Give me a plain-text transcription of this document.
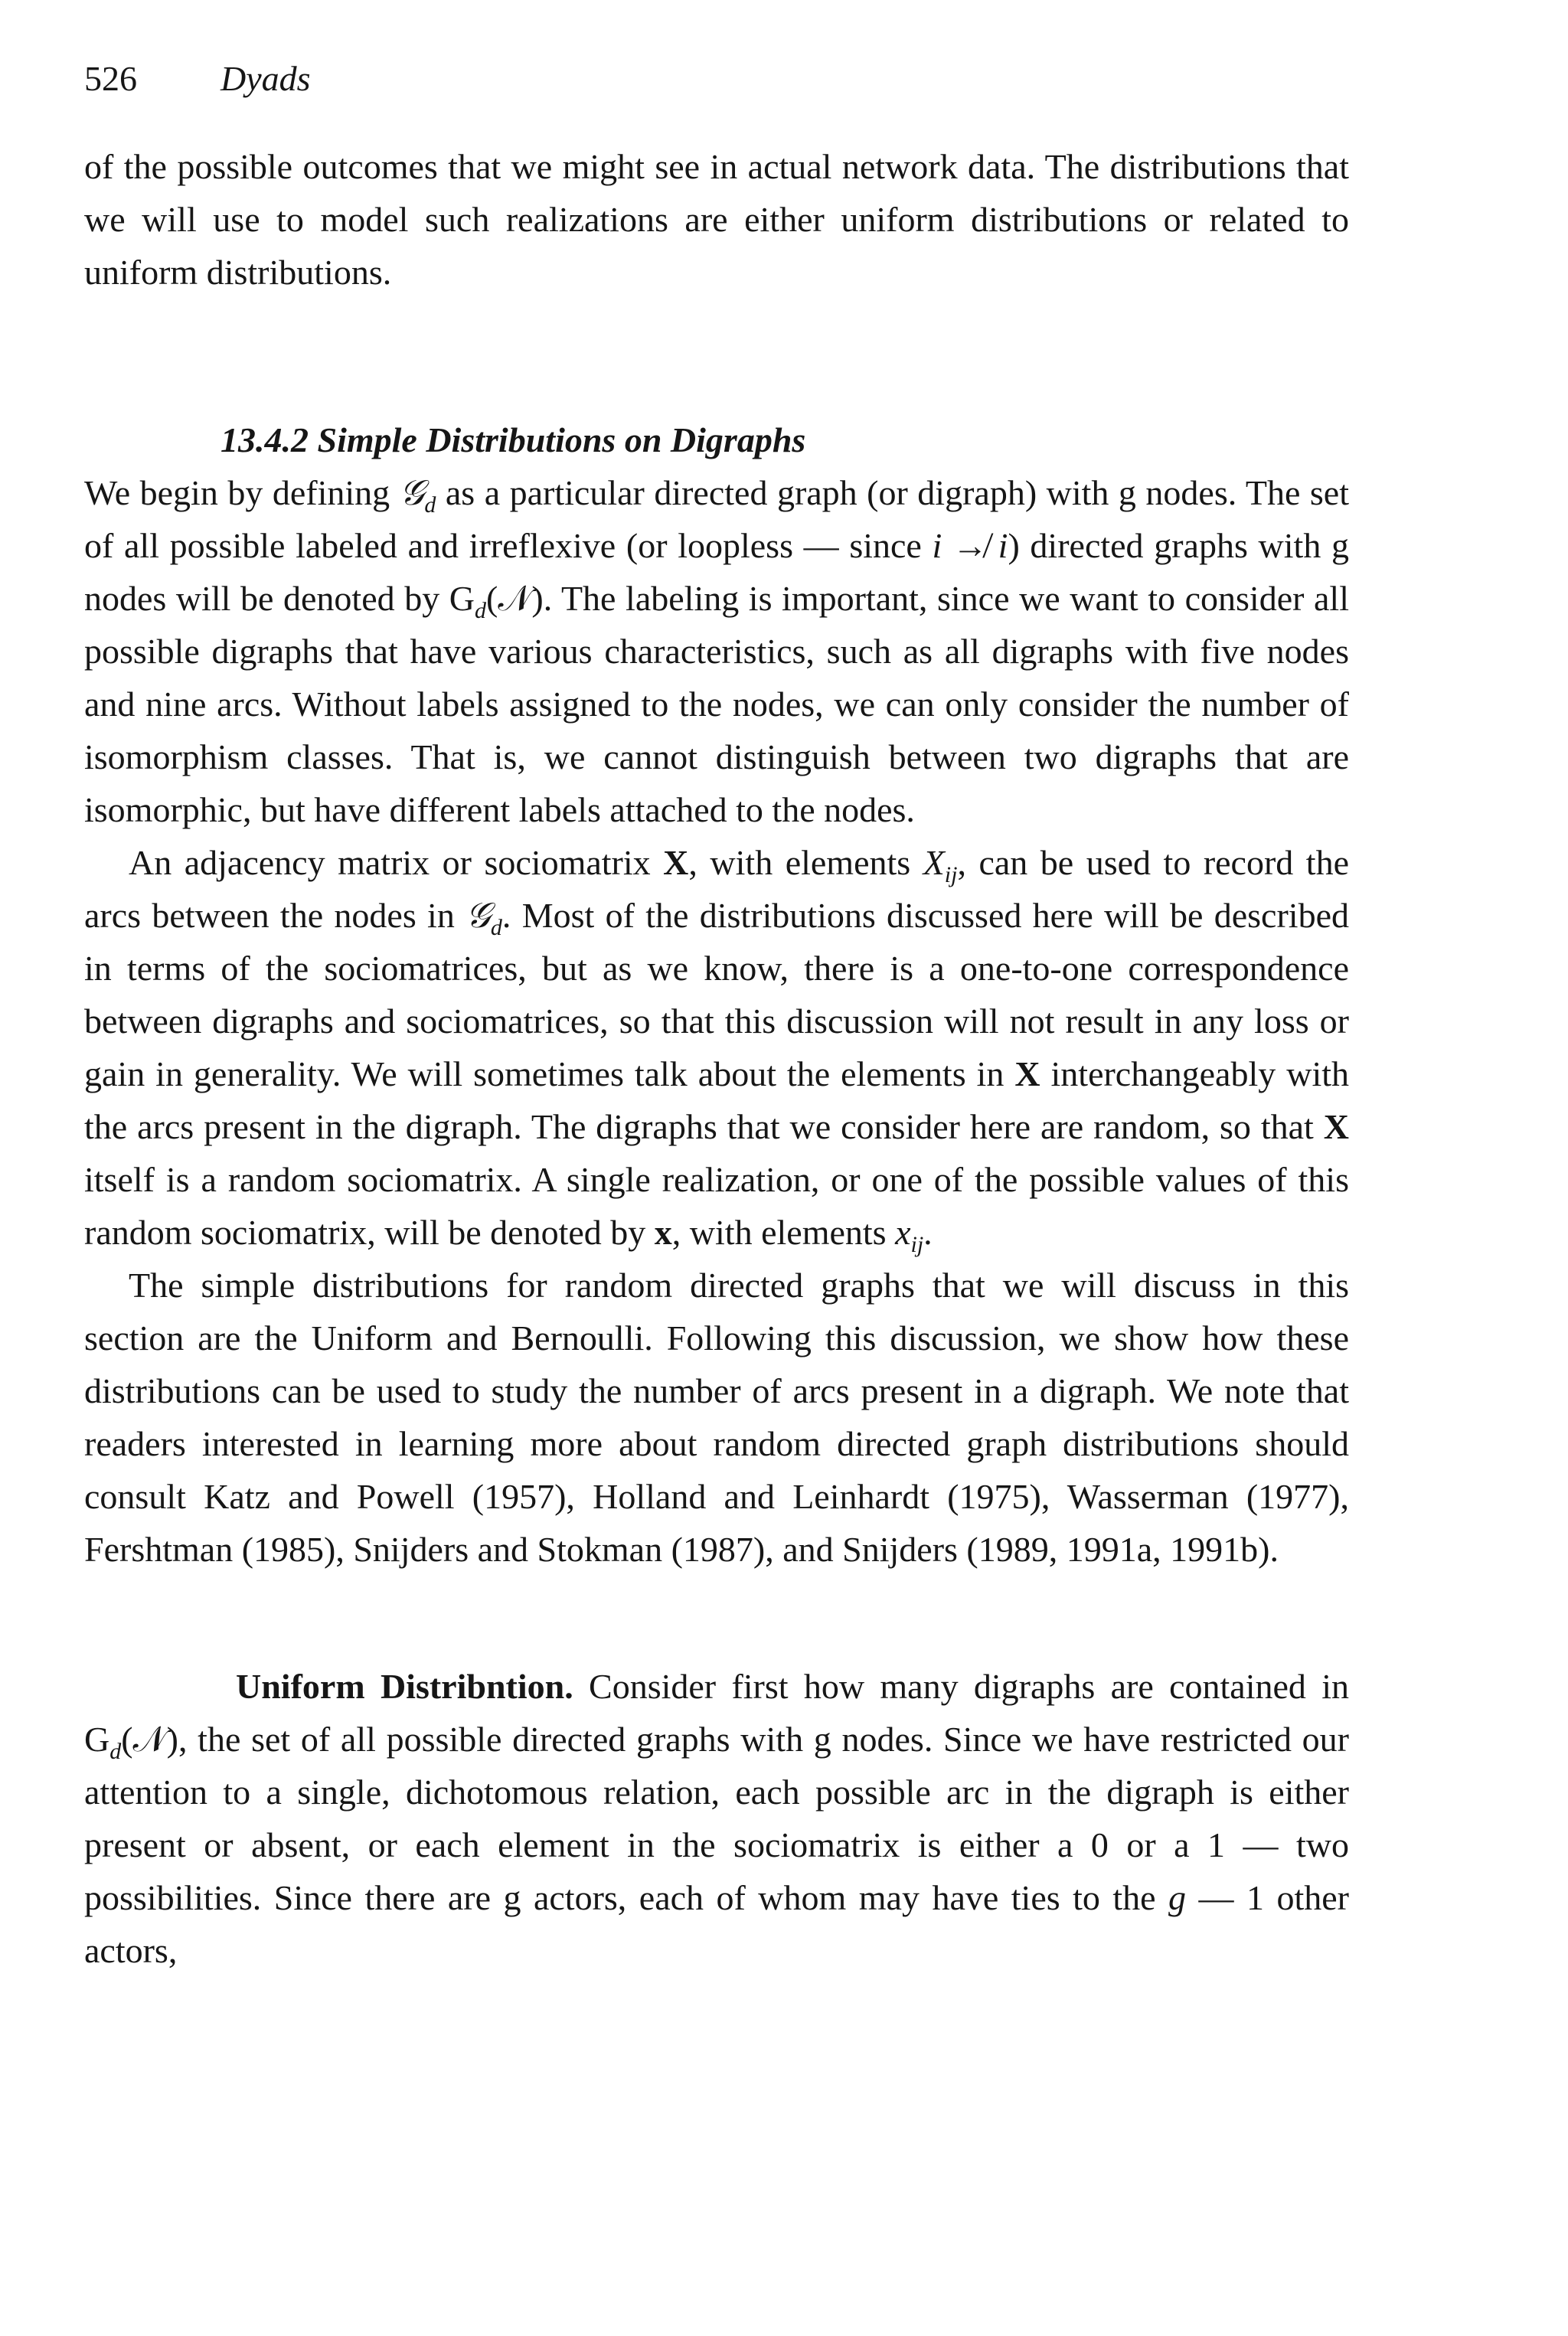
526 Dyads

of the possible outcomes that we might see in actual network data. The distributions that we will use to model such realizations are either uniform distributions or related to uniform distributions.

13.4.2 Simple Distributions on Digraphs

We begin by defining 𝒢$_d$ as a particular directed graph (or digraph) with g nodes. The set of all possible labeled and irreflexive (or loopless — since i ↛ i) directed graphs with g nodes will be denoted by $G_d(𝒩)$. The labeling is important, since we want to consider all possible digraphs that have various characteristics, such as all digraphs with five nodes and nine arcs. Without labels assigned to the nodes, we can only consider the number of isomorphism classes. That is, we cannot distinguish between two digraphs that are isomorphic, but have different labels attached to the nodes.

An adjacency matrix or sociomatrix X, with elements $X_{ij}$, can be used to record the arcs between the nodes in 𝒢$_d$. Most of the distributions discussed here will be described in terms of the sociomatrices, but as we know, there is a one-to-one correspondence between digraphs and sociomatrices, so that this discussion will not result in any loss or gain in generality. We will sometimes talk about the elements in X interchangeably with the arcs present in the digraph. The digraphs that we consider here are random, so that X itself is a random sociomatrix. A single realization, or one of the possible values of this random sociomatrix, will be denoted by x, with elements $x_{ij}$.

The simple distributions for random directed graphs that we will discuss in this section are the Uniform and Bernoulli. Following this discussion, we show how these distributions can be used to study the number of arcs present in a digraph. We note that readers interested in learning more about random directed graph distributions should consult Katz and Powell (1957), Holland and Leinhardt (1975), Wasserman (1977), Fershtman (1985), Snijders and Stokman (1987), and Snijders (1989, 1991a, 1991b).

Uniform Distribntion. Consider first how many digraphs are contained in $G_d(𝒩)$, the set of all possible directed graphs with g nodes. Since we have restricted our attention to a single, dichotomous relation, each possible arc in the digraph is either present or absent, or each element in the sociomatrix is either a 0 or a 1 — two possibilities. Since there are g actors, each of whom may have ties to the g — 1 other actors,
